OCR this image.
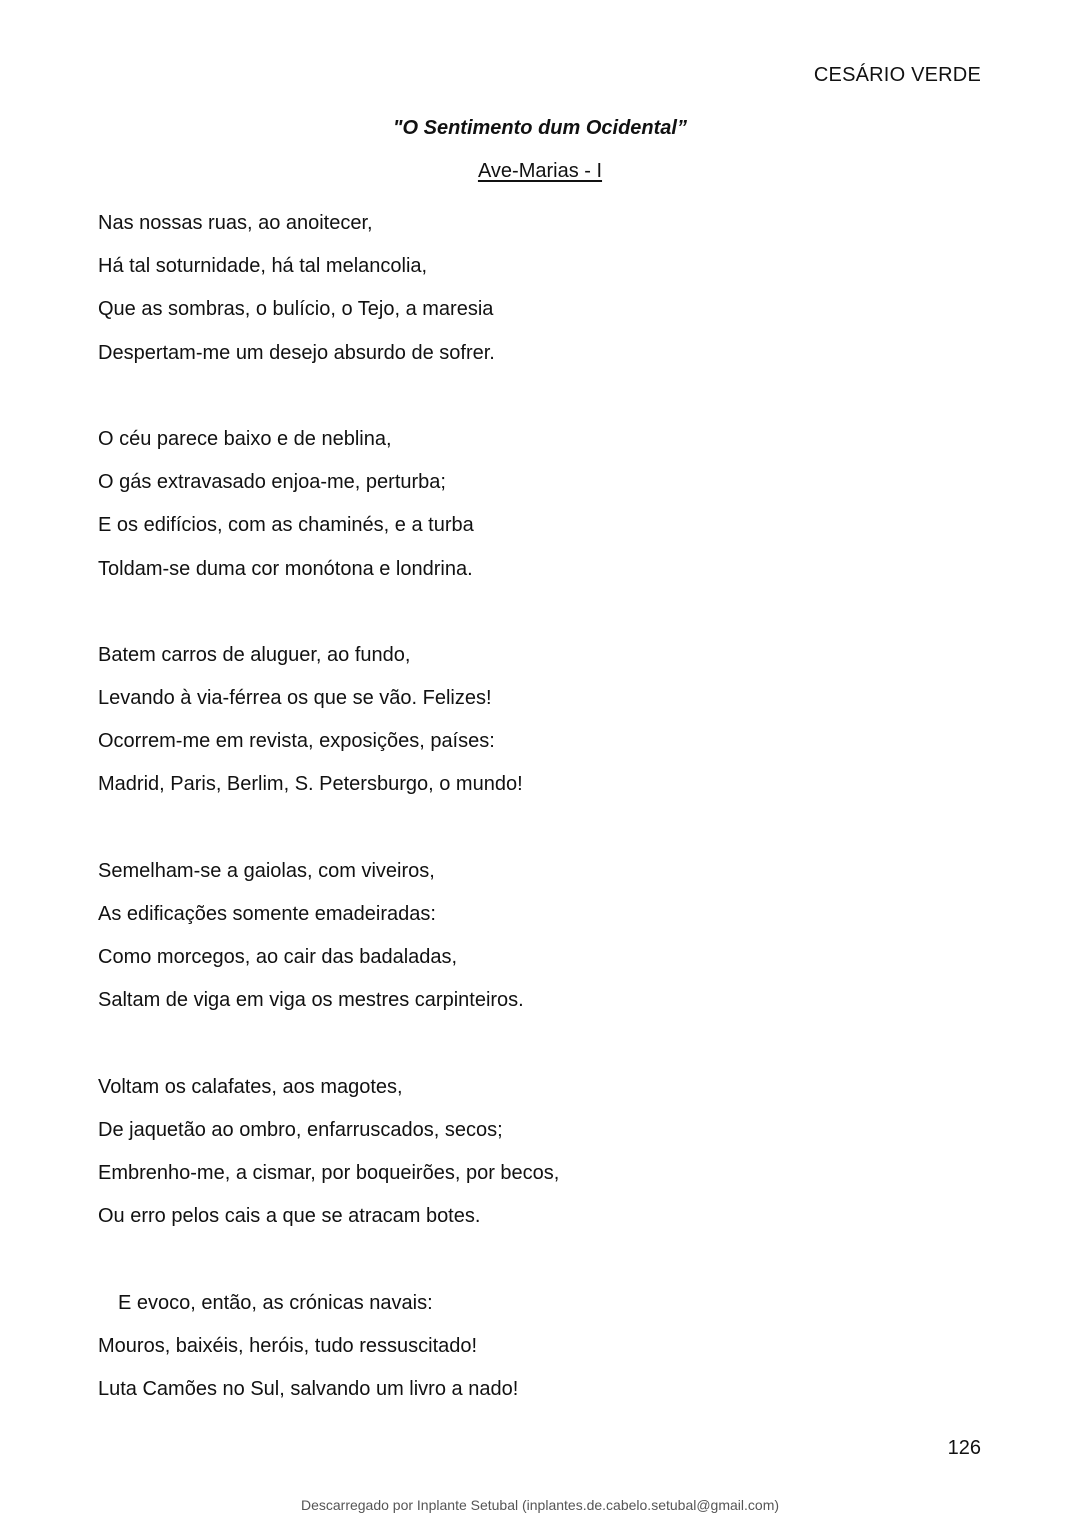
CESÁRIO VERDE
"O Sentimento dum Ocidental”
Ave-Marias - I
Nas nossas ruas, ao anoitecer,
Há tal soturnidade, há tal melancolia,
Que as sombras, o bulício, o Tejo, a maresia
Despertam-me um desejo absurdo de sofrer.
O céu parece baixo e de neblina,
O gás extravasado enjoa-me, perturba;
E os edifícios, com as chaminés, e a turba
Toldam-se duma cor monótona e londrina.
Batem carros de aluguer, ao fundo,
Levando à via-férrea os que se vão. Felizes!
Ocorrem-me em revista, exposições, países:
Madrid, Paris, Berlim, S. Petersburgo, o mundo!
Semelham-se a gaiolas, com viveiros,
As edificações somente emadeiradas:
Como morcegos, ao cair das badaladas,
Saltam de viga em viga os mestres carpinteiros.
Voltam os calafates, aos magotes,
De jaquetão ao ombro, enfarruscados, secos;
Embrenho-me, a cismar, por boqueirões, por becos,
Ou erro pelos cais a que se atracam botes.
E evoco, então, as crónicas navais:
Mouros, baixéis, heróis, tudo ressuscitado!
Luta Camões no Sul, salvando um livro a nado!
126
Descarregado por Inplante Setubal (inplantes.de.cabelo.setubal@gmail.com)
